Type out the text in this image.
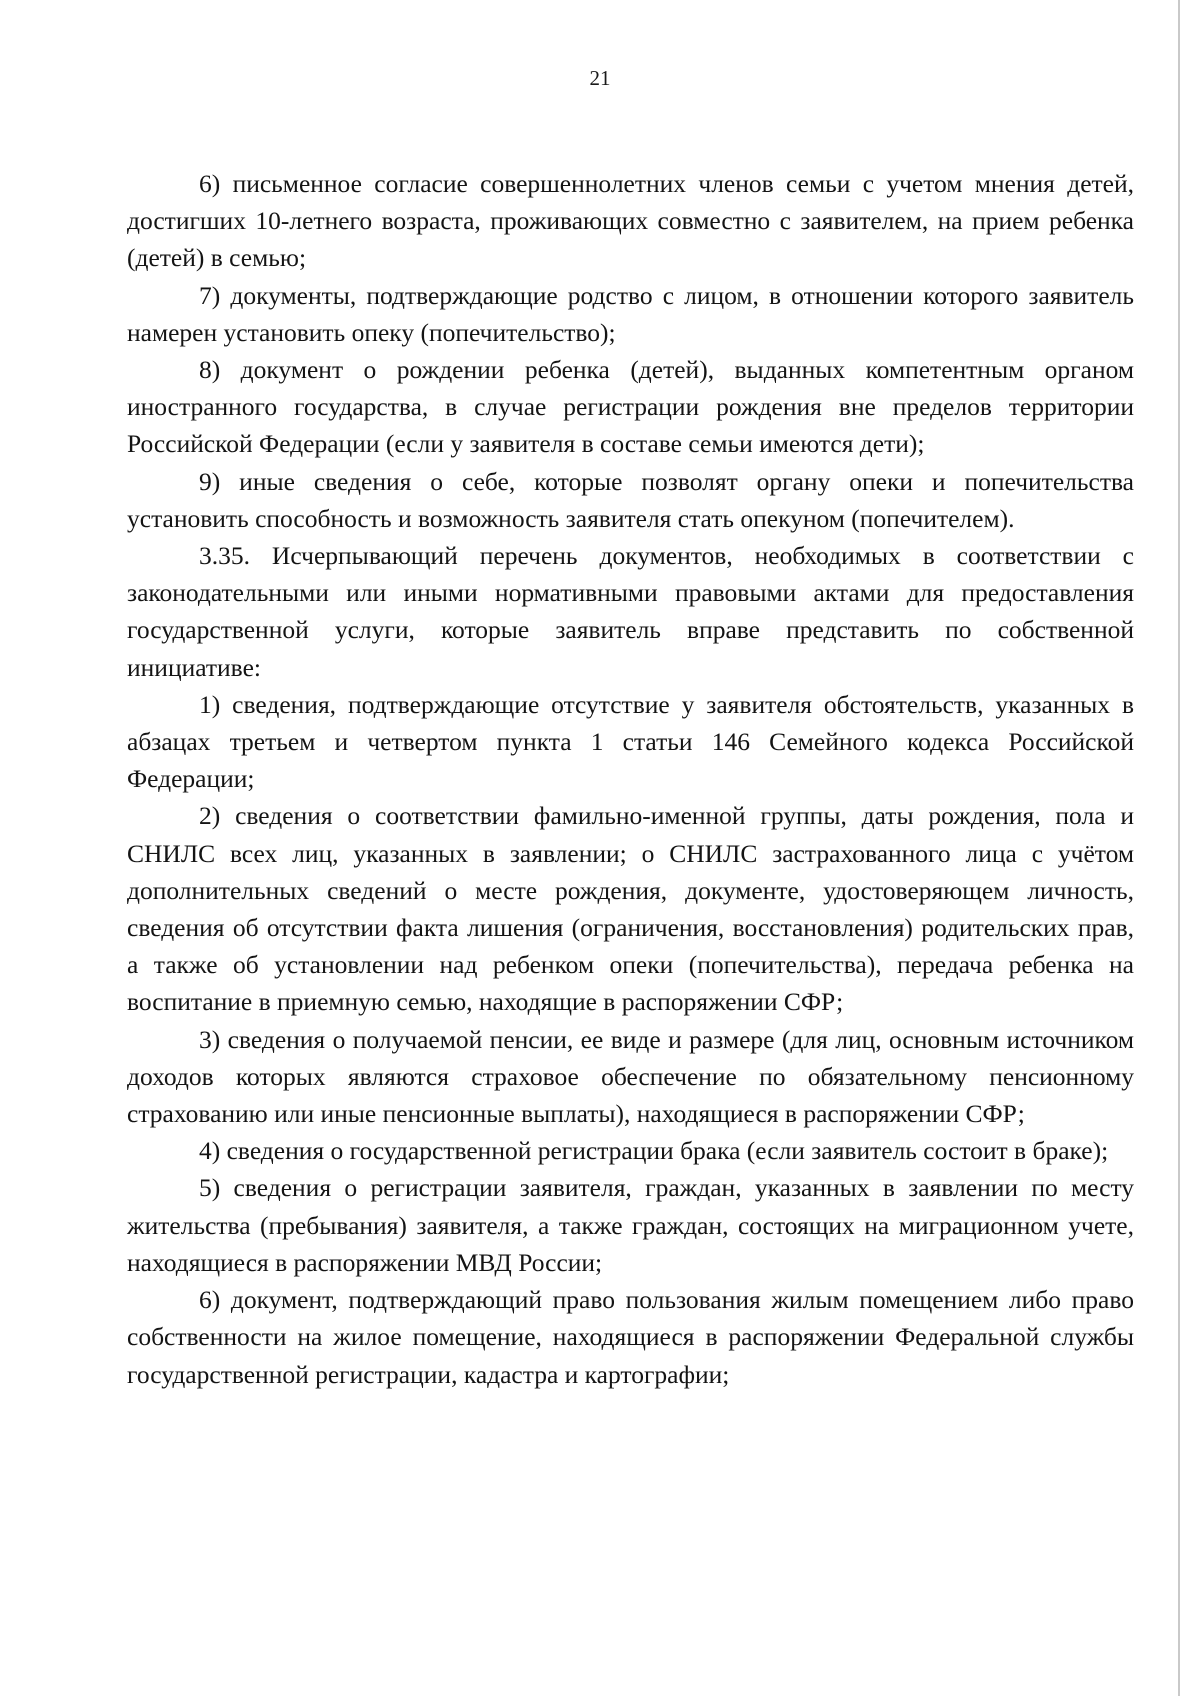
21

6) письменное согласие совершеннолетних членов семьи с учетом мнения детей, достигших 10-летнего возраста, проживающих совместно с заявителем, на прием ребенка (детей) в семью;

7) документы, подтверждающие родство с лицом, в отношении которого заявитель намерен установить опеку (попечительство);

8) документ о рождении ребенка (детей), выданных компетентным органом иностранного государства, в случае регистрации рождения вне пределов территории Российской Федерации (если у заявителя в составе семьи имеются дети);

9) иные сведения о себе, которые позволят органу опеки и попечительства установить способность и возможность заявителя стать опекуном (попечителем).

3.35. Исчерпывающий перечень документов, необходимых в соответствии с законодательными или иными нормативными правовыми актами для предоставления государственной услуги, которые заявитель вправе представить по собственной инициативе:

1) сведения, подтверждающие отсутствие у заявителя обстоятельств, указанных в абзацах третьем и четвертом пункта 1 статьи 146 Семейного кодекса Российской Федерации;

2) сведения о соответствии фамильно-именной группы, даты рождения, пола и СНИЛС всех лиц, указанных в заявлении; о СНИЛС застрахованного лица с учётом дополнительных сведений о месте рождения, документе, удостоверяющем личность, сведения об отсутствии факта лишения (ограничения, восстановления) родительских прав, а также об установлении над ребенком опеки (попечительства), передача ребенка на воспитание в приемную семью, находящие в распоряжении СФР;

3) сведения о получаемой пенсии, ее виде и размере (для лиц, основным источником доходов которых являются страховое обеспечение по обязательному пенсионному страхованию или иные пенсионные выплаты), находящиеся в распоряжении СФР;

4) сведения о государственной регистрации брака (если заявитель состоит в браке);

5) сведения о регистрации заявителя, граждан, указанных в заявлении по месту жительства (пребывания) заявителя, а также граждан, состоящих на миграционном учете, находящиеся в распоряжении МВД России;

6) документ, подтверждающий право пользования жилым помещением либо право собственности на жилое помещение, находящиеся в распоряжении Федеральной службы государственной регистрации, кадастра и картографии;
